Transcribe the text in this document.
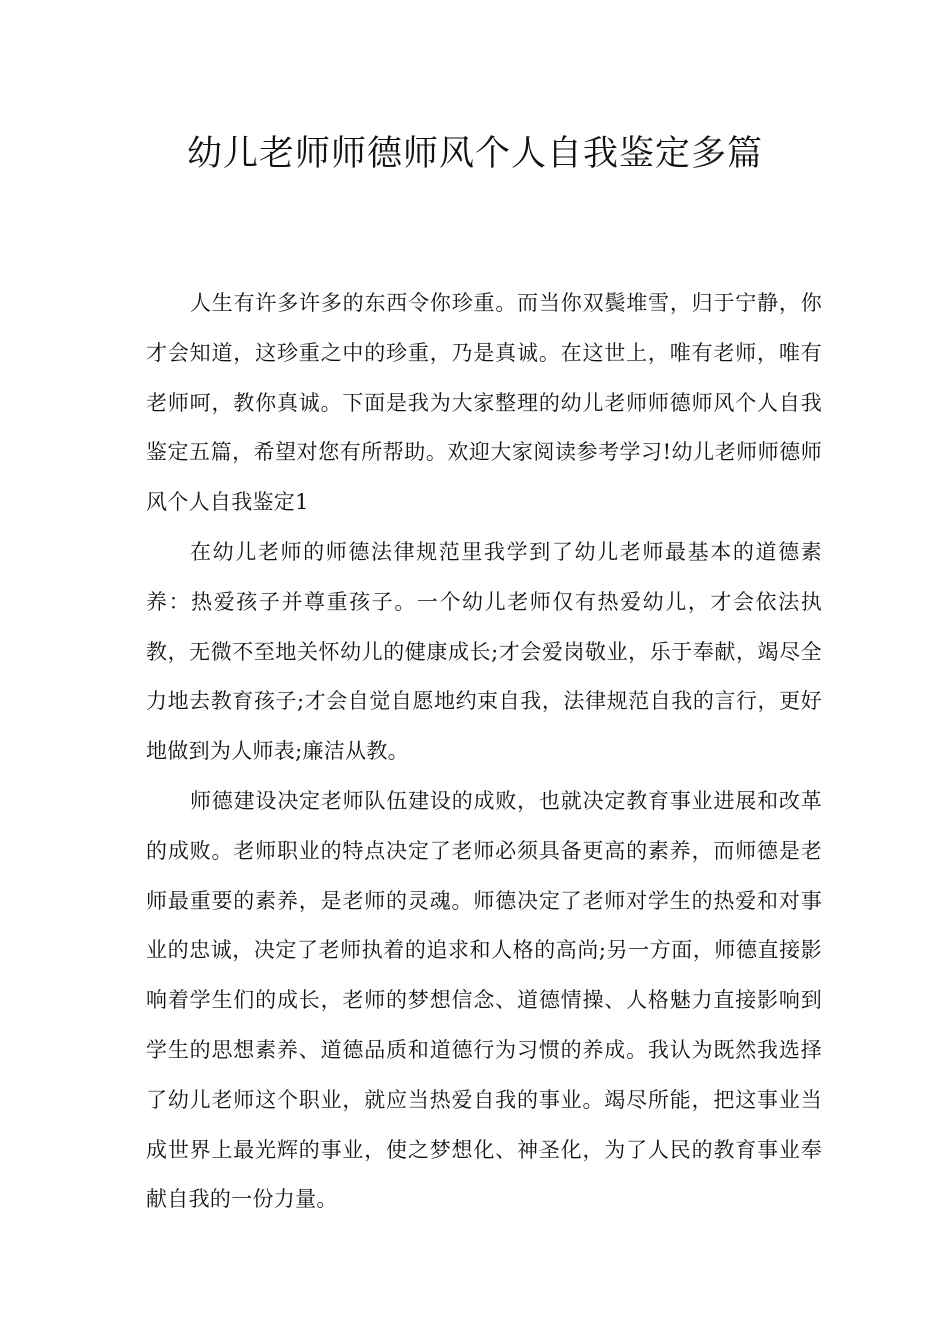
幼儿老师师德师风个人自我鉴定多篇

人生有许多许多的东西令你珍重。而当你双鬓堆雪，归于宁静，你才会知道，这珍重之中的珍重，乃是真诚。在这世上，唯有老师，唯有老师呵，教你真诚。下面是我为大家整理的幼儿老师师德师风个人自我鉴定五篇，希望对您有所帮助。欢迎大家阅读参考学习!幼儿老师师德师风个人自我鉴定1

在幼儿老师的师德法律规范里我学到了幼儿老师最基本的道德素养：热爱孩子并尊重孩子。一个幼儿老师仅有热爱幼儿，才会依法执教，无微不至地关怀幼儿的健康成长;才会爱岗敬业，乐于奉献，竭尽全力地去教育孩子;才会自觉自愿地约束自我，法律规范自我的言行，更好地做到为人师表;廉洁从教。

师德建设决定老师队伍建设的成败，也就决定教育事业进展和改革的成败。老师职业的特点决定了老师必须具备更高的素养，而师德是老师最重要的素养，是老师的灵魂。师德决定了老师对学生的热爱和对事业的忠诚，决定了老师执着的追求和人格的高尚;另一方面，师德直接影响着学生们的成长，老师的梦想信念、道德情操、人格魅力直接影响到学生的思想素养、道德品质和道德行为习惯的养成。我认为既然我选择了幼儿老师这个职业，就应当热爱自我的事业。竭尽所能，把这事业当成世界上最光辉的事业，使之梦想化、神圣化，为了人民的教育事业奉献自我的一份力量。
